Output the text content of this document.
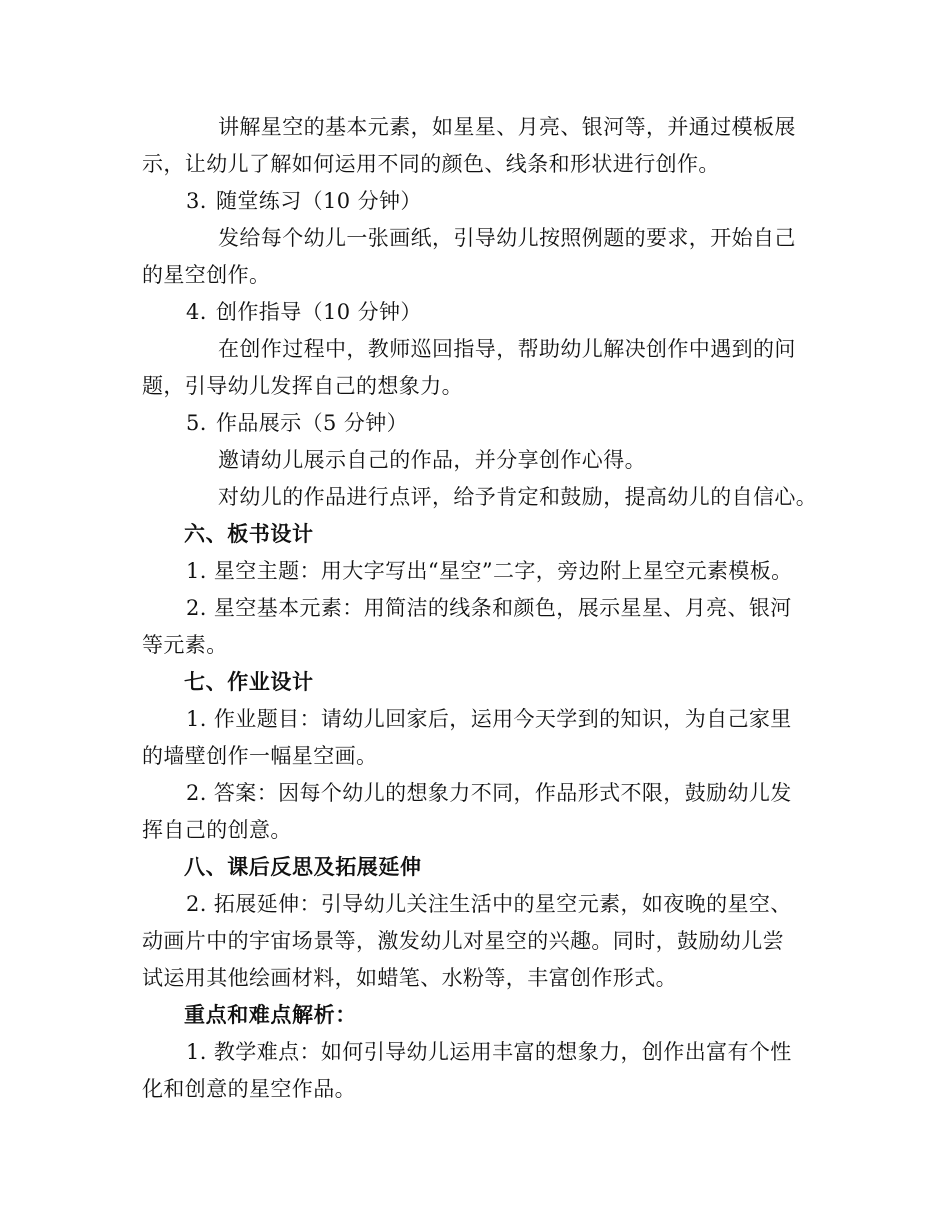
讲解星空的基本元素，如星星、月亮、银河等，并通过模板展
示，让幼儿了解如何运用不同的颜色、线条和形状进行创作。
3. 随堂练习（10 分钟）
发给每个幼儿一张画纸，引导幼儿按照例题的要求，开始自己
的星空创作。
4. 创作指导（10 分钟）
在创作过程中，教师巡回指导，帮助幼儿解决创作中遇到的问
题，引导幼儿发挥自己的想象力。
5. 作品展示（5 分钟）
邀请幼儿展示自己的作品，并分享创作心得。
对幼儿的作品进行点评，给予肯定和鼓励，提高幼儿的自信心。
六、板书设计
1. 星空主题：用大字写出“星空”二字，旁边附上星空元素模板。
2. 星空基本元素：用简洁的线条和颜色，展示星星、月亮、银河
等元素。
七、作业设计
1. 作业题目：请幼儿回家后，运用今天学到的知识，为自己家里
的墙壁创作一幅星空画。
2. 答案：因每个幼儿的想象力不同，作品形式不限，鼓励幼儿发
挥自己的创意。
八、课后反思及拓展延伸
2. 拓展延伸：引导幼儿关注生活中的星空元素，如夜晚的星空、
动画片中的宇宙场景等，激发幼儿对星空的兴趣。同时，鼓励幼儿尝
试运用其他绘画材料，如蜡笔、水粉等，丰富创作形式。
重点和难点解析：
1. 教学难点：如何引导幼儿运用丰富的想象力，创作出富有个性
化和创意的星空作品。
